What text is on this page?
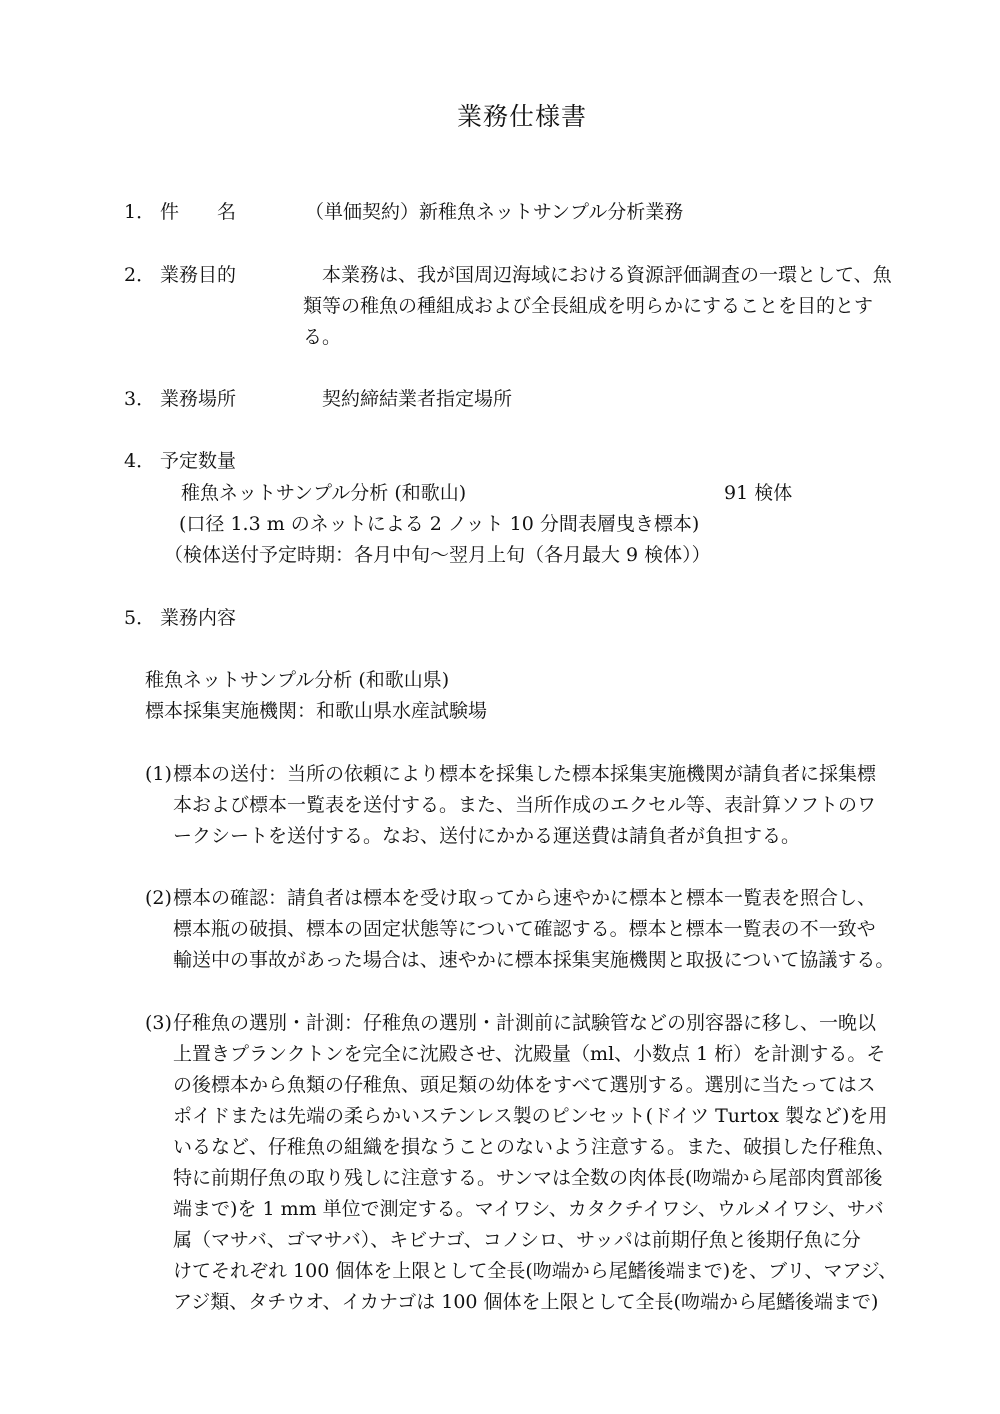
業務仕様書
1． 件　　名	（単価契約）新稚魚ネットサンプル分析業務
2． 業務目的	　本業務は、我が国周辺海域における資源評価調査の一環として、魚
類等の稚魚の種組成および全長組成を明らかにすることを目的とす
る。
3． 業務場所	　契約締結業者指定場所
4． 予定数量
稚魚ネットサンプル分析 (和歌山)	91 検体
(口径 1.3 m のネットによる 2 ノット 10 分間表層曳き標本)
（検体送付予定時期：各月中旬～翌月上旬（各月最大 9 検体））
5． 業務内容
稚魚ネットサンプル分析 (和歌山県)
標本採集実施機関：和歌山県水産試験場
(1) 標本の送付：当所の依頼により標本を採集した標本採集実施機関が請負者に採集標
本および標本一覧表を送付する。また、当所作成のエクセル等、表計算ソフトのワ
ークシートを送付する。なお、送付にかかる運送費は請負者が負担する。
(2) 標本の確認：請負者は標本を受け取ってから速やかに標本と標本一覧表を照合し、
標本瓶の破損、標本の固定状態等について確認する。標本と標本一覧表の不一致や
輸送中の事故があった場合は、速やかに標本採集実施機関と取扱について協議する。
(3) 仔稚魚の選別・計測：仔稚魚の選別・計測前に試験管などの別容器に移し、一晩以
上置きプランクトンを完全に沈殿させ、沈殿量（ml、小数点 1 桁）を計測する。そ
の後標本から魚類の仔稚魚、頭足類の幼体をすべて選別する。選別に当たってはス
ポイドまたは先端の柔らかいステンレス製のピンセット(ドイツ Turtox 製など)を用
いるなど、仔稚魚の組織を損なうことのないよう注意する。また、破損した仔稚魚、
特に前期仔魚の取り残しに注意する。サンマは全数の肉体長(吻端から尾部肉質部後
端まで)を 1 mm 単位で測定する。マイワシ、カタクチイワシ、ウルメイワシ、サバ
属（マサバ、ゴマサバ）、キビナゴ、コノシロ、サッパは前期仔魚と後期仔魚に分
けてそれぞれ 100 個体を上限として全長(吻端から尾鰭後端まで)を、ブリ、マアジ、
アジ類、タチウオ、イカナゴは 100 個体を上限として全長(吻端から尾鰭後端まで)
